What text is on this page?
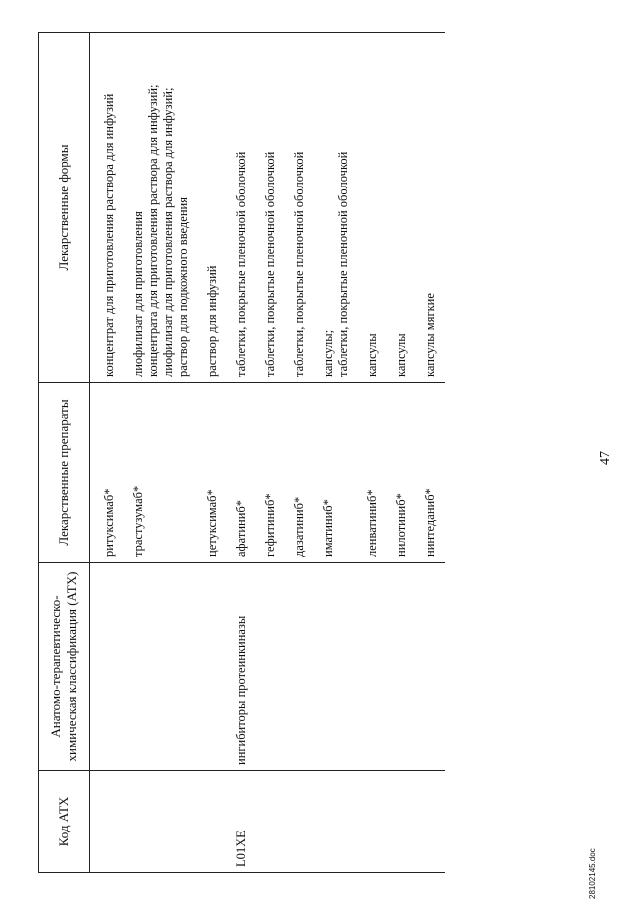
47
Код АТХ	Анатомо-терапевтическо-химическая классификация (АТХ)	Лекарственные препараты	Лекарственные формы
		ритуксимаб*	концентрат для приготовления раствора для инфузий
		трастузумаб*	лиофилизат для приготовления
концентрата для приготовления раствора для инфузий;
лиофилизат для приготовления раствора для инфузий;
раствор для подкожного введения
		цетуксимаб*	раствор для инфузий
L01XE	ингибиторы протеинкиназы	афатиниб*	таблетки, покрытые пленочной оболочкой
		гефитиниб*	таблетки, покрытые пленочной оболочкой
		дазатиниб*	таблетки, покрытые пленочной оболочкой
		иматиниб*	капсулы;
таблетки, покрытые пленочной оболочкой
		ленватиниб*	капсулы
		нилотиниб*	капсулы
		нинтеданиб*	капсулы мягкие
28102145.doc
